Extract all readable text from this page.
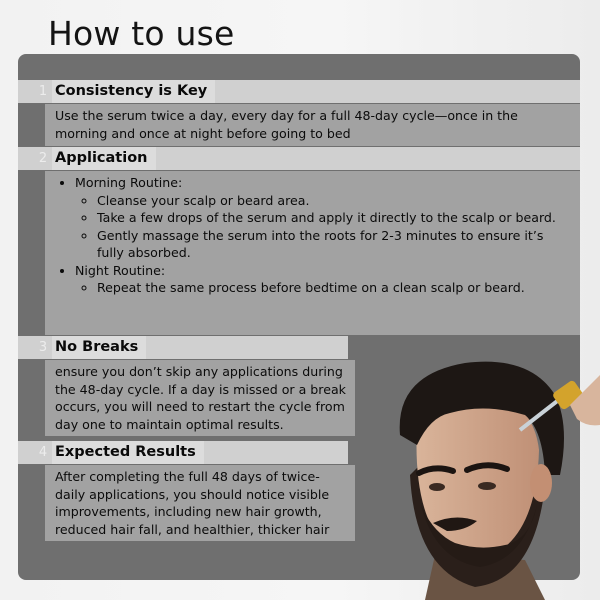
How to use
1 Consistency is Key
Use the serum twice a day, every day for a full 48-day cycle—once in the morning and once at night before going to bed
2 Application
• Morning Routine:
◦ Cleanse your scalp or beard area.
◦ Take a few drops of the serum and apply it directly to the scalp or beard.
◦ Gently massage the serum into the roots for 2-3 minutes to ensure it’s fully absorbed.
• Night Routine:
◦ Repeat the same process before bedtime on a clean scalp or beard.
3 No Breaks
ensure you don’t skip any applications during the 48-day cycle. If a day is missed or a break occurs, you will need to restart the cycle from day one to maintain optimal results.
4 Expected Results
After completing the full 48 days of twice-daily applications, you should notice visible improvements, including new hair growth, reduced hair fall, and healthier, thicker hair
